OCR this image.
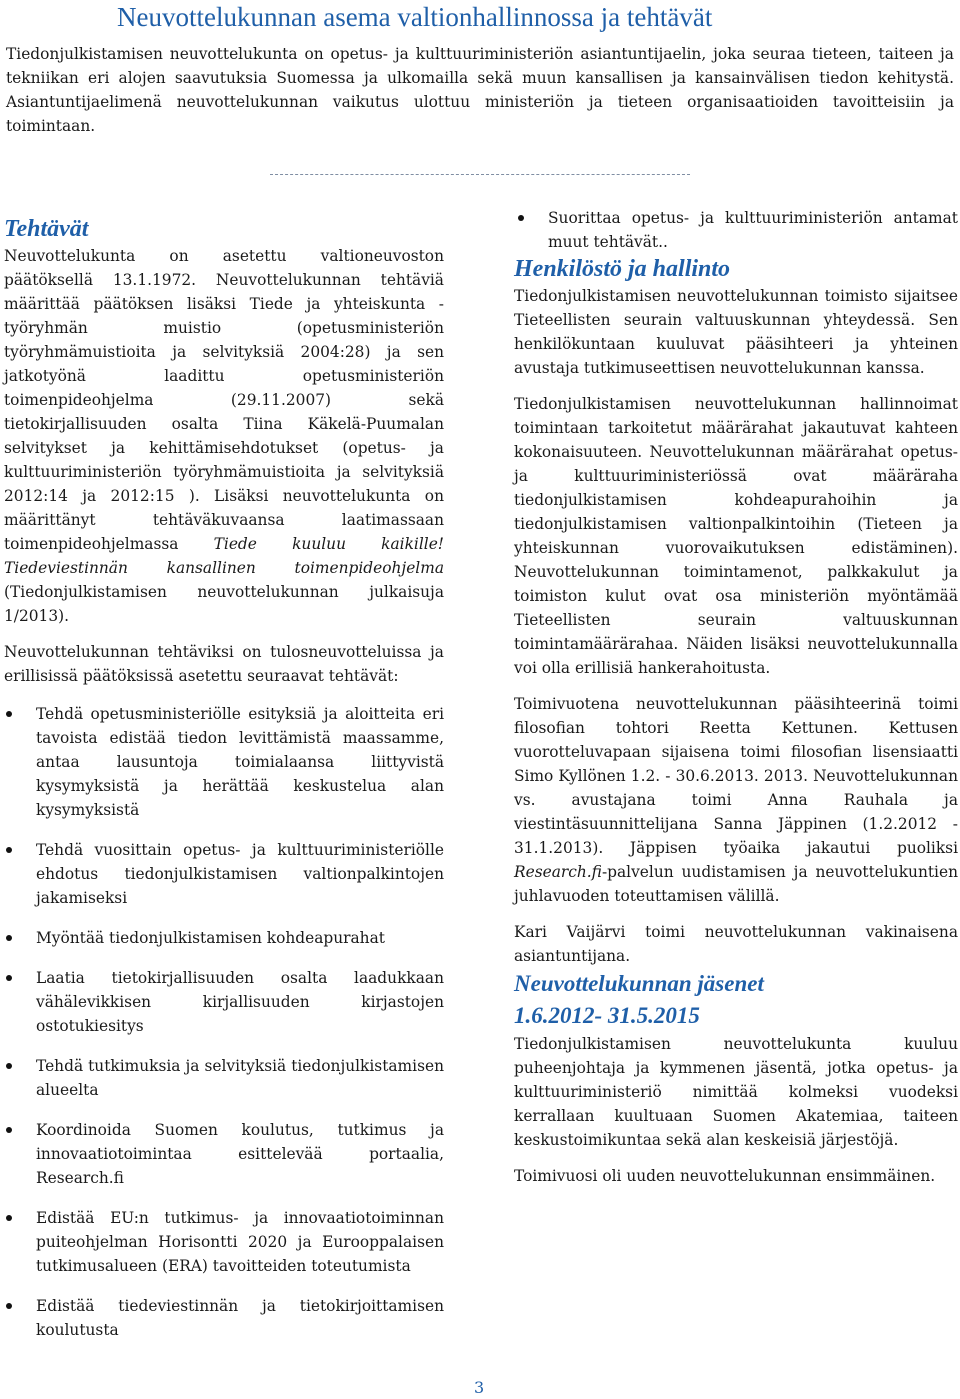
Neuvottelukunnan asema valtionhallinnossa ja tehtävät

Tiedonjulkistamisen neuvottelukunta on opetus- ja kulttuuriministeriön asiantuntijaelin, joka seuraa tieteen, taiteen ja tekniikan eri alojen saavutuksia Suomessa ja ulkomailla sekä muun kansallisen ja kansainvälisen tiedon kehitystä. Asiantuntijaelimenä neuvottelukunnan vaikutus ulottuu ministeriön ja tieteen organisaatioiden tavoitteisiin ja toimintaan.

Tehtävät

Neuvottelukunta on asetettu valtioneuvoston päätöksellä 13.1.1972. Neuvottelukunnan tehtäviä määrittää päätöksen lisäksi Tiede ja yhteiskunta - työryhmän muistio (opetusministeriön työryhmämuistioita ja selvityksiä 2004:28) ja sen jatkotyönä laadittu opetusministeriön toimenpideohjelma (29.11.2007) sekä tietokirjallisuuden osalta Tiina Käkelä-Puumalan selvitykset ja kehittämisehdotukset (opetus- ja kulttuuriministeriön työryhmämuistioita ja selvityksiä 2012:14 ja 2012:15 ). Lisäksi neuvottelukunta on määrittänyt tehtäväkuvaansa laatimassaan toimenpideohjelmassa Tiede kuuluu kaikille! Tiedeviestinnän kansallinen toimenpideohjelma (Tiedonjulkistamisen neuvottelukunnan julkaisuja 1/2013).

Neuvottelukunnan tehtäviksi on tulosneuvotteluissa ja erillisissä päätöksissä asetettu seuraavat tehtävät:

Tehdä opetusministeriölle esityksiä ja aloitteita eri tavoista edistää tiedon levittämistä maassamme, antaa lausuntoja toimialaansa liittyvistä kysymyksistä ja herättää keskustelua alan kysymyksistä
Tehdä vuosittain opetus- ja kulttuuriministeriölle ehdotus tiedonjulkistamisen valtionpalkintojen jakamiseksi
Myöntää tiedonjulkistamisen kohdeapurahat
Laatia tietokirjallisuuden osalta laadukkaan vähälevikkisen kirjallisuuden kirjastojen ostotukiesitys
Tehdä tutkimuksia ja selvityksiä tiedonjulkistamisen alueelta
Koordinoida Suomen koulutus, tutkimus ja innovaatiotoimintaa esittelevää portaalia, Research.fi
Edistää EU:n tutkimus- ja innovaatiotoiminnan puiteohjelman Horisontti 2020 ja Eurooppalaisen tutkimusalueen (ERA) tavoitteiden toteutumista
Edistää tiedeviestinnän ja tietokirjoittamisen koulutusta
Suorittaa opetus- ja kulttuuriministeriön antamat muut tehtävät..
Henkilöstö ja hallinto

Tiedonjulkistamisen neuvottelukunnan toimisto sijaitsee Tieteellisten seurain valtuuskunnan yhteydessä. Sen henkilökuntaan kuuluvat pääsihteeri ja yhteinen avustaja tutkimuseettisen neuvottelukunnan kanssa.

Tiedonjulkistamisen neuvottelukunnan hallinnoimat toimintaan tarkoitetut määrärahat jakautuvat kahteen kokonaisuuteen. Neuvottelukunnan määrärahat opetus- ja kulttuuriministeriössä ovat määräraha tiedonjulkistamisen kohdeapurahoihin ja tiedonjulkistamisen valtionpalkintoihin (Tieteen ja yhteiskunnan vuorovaikutuksen edistäminen). Neuvottelukunnan toimintamenot, palkkakulut ja toimiston kulut ovat osa ministeriön myöntämää Tieteellisten seurain valtuuskunnan toimintamäärärahaa. Näiden lisäksi neuvottelukunnalla voi olla erillisiä hankerahoitusta.

Toimivuotena neuvottelukunnan pääsihteerinä toimi filosofian tohtori Reetta Kettunen. Kettusen vuorotteluvapaan sijaisena toimi filosofian lisensiaatti Simo Kyllönen 1.2. - 30.6.2013. 2013. Neuvottelukunnan vs. avustajana toimi Anna Rauhala ja viestintäsuunnittelijana Sanna Jäppinen (1.2.2012 - 31.1.2013). Jäppisen työaika jakautui puoliksi Research.fi-palvelun uudistamisen ja neuvottelukuntien juhlavuoden toteuttamisen välillä.

Kari Vaijärvi toimi neuvottelukunnan vakinaisena asiantuntijana.

Neuvottelukunnan jäsenet
1.6.2012- 31.5.2015

Tiedonjulkistamisen neuvottelukunta kuuluu puheenjohtaja ja kymmenen jäsentä, jotka opetus- ja kulttuuriministeriö nimittää kolmeksi vuodeksi kerrallaan kuultuaan Suomen Akatemiaa, taiteen keskustoimikuntaa sekä alan keskeisiä järjestöjä.

Toimivuosi oli uuden neuvottelukunnan ensimmäinen.

3
